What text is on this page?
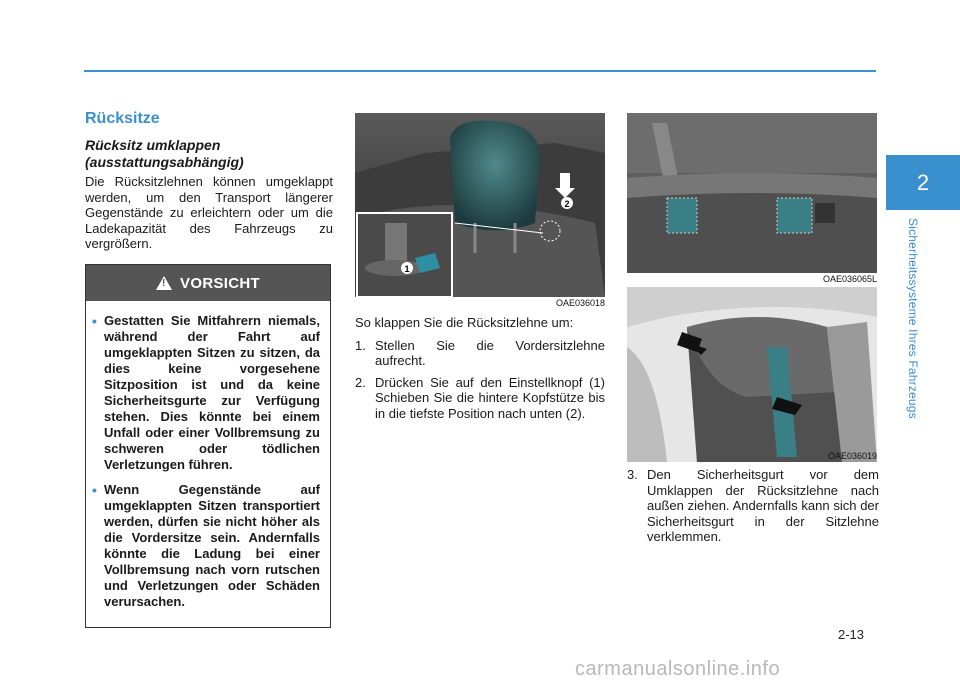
2
Sicherheitssysteme Ihres Fahrzeugs
Rücksitze
Rücksitz umklappen (ausstattungsabhängig)
Die Rücksitzlehnen können umgeklappt werden, um den Transport längerer Gegenstände zu erleichtern oder um die Ladekapazität des Fahrzeugs zu vergrößern.
! VORSICHT
• Gestatten Sie Mitfahrern niemals, während der Fahrt auf umgeklappten Sitzen zu sitzen, da dies keine vorgesehene Sitzposition ist und da keine Sicherheitsgurte zur Verfügung stehen. Dies könnte bei einem Unfall oder einer Vollbremsung zu schweren oder tödlichen Verletzungen führen.
• Wenn Gegenstände auf umgeklappten Sitzen transportiert werden, dürfen sie nicht höher als die Vordersitze sein. Andernfalls könnte die Ladung bei einer Vollbremsung nach vorn rutschen und Verletzungen oder Schäden verursachen.
2
1
OAE036018
OAE036065L
OAE036019

So klappen Sie die Rücksitzlehne um:

1. Stellen Sie die Vordersitzlehne aufrecht.
2. Drücken Sie auf den Einstellknopf (1) Schieben Sie die hintere Kopfstütze bis in die tiefste Position nach unten (2).
3. Den Sicherheitsgurt vor dem Umklappen der Rücksitzlehne nach außen ziehen. Andernfalls kann sich der Sicherheitsgurt in der Sitzlehne verklemmen.
2-13
carmanualsonline.info
